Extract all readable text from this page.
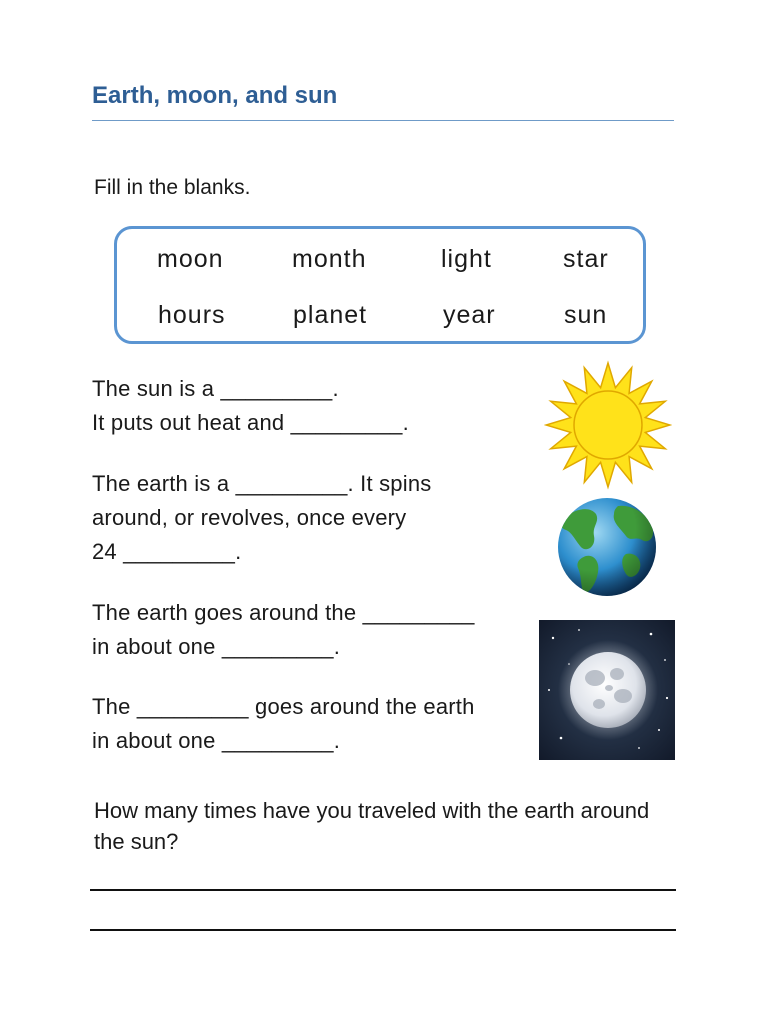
Earth, moon, and sun
Fill in the blanks.
moon	month	light	star
hours	planet	year	sun
The sun is a _________.
It puts out heat and _________.
The earth is a _________. It spins
around, or revolves, once every
24 _________.
The earth goes around the _________
in about one _________.
The _________ goes around the earth
in about one _________.
How many times have you traveled with the earth around the sun?
